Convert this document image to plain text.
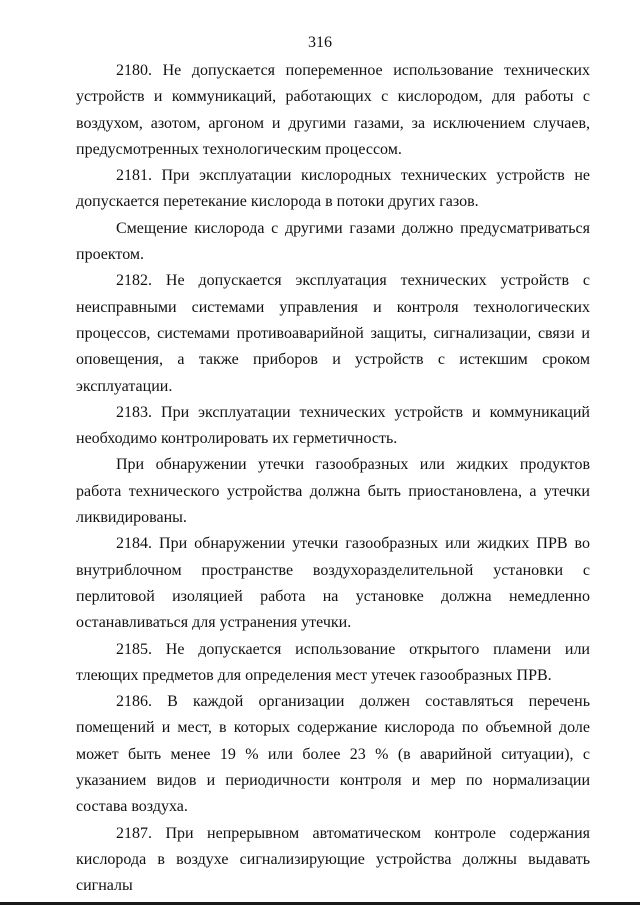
316

2180. Не допускается попеременное использование технических устройств и коммуникаций, работающих с кислородом, для работы с воздухом, азотом, аргоном и другими газами, за исключением случаев, предусмотренных технологическим процессом.

2181. При эксплуатации кислородных технических устройств не допускается перетекание кислорода в потоки других газов.

Смещение кислорода с другими газами должно предусматриваться проектом.

2182. Не допускается эксплуатация технических устройств с неисправными системами управления и контроля технологических процессов, системами противоаварийной защиты, сигнализации, связи и оповещения, а также приборов и устройств с истекшим сроком эксплуатации.

2183. При эксплуатации технических устройств и коммуникаций необходимо контролировать их герметичность.

При обнаружении утечки газообразных или жидких продуктов работа технического устройства должна быть приостановлена, а утечки ликвидированы.

2184. При обнаружении утечки газообразных или жидких ПРВ во внутриблочном пространстве воздухоразделительной установки с перлитовой изоляцией работа на установке должна немедленно останавливаться для устранения утечки.

2185. Не допускается использование открытого пламени или тлеющих предметов для определения мест утечек газообразных ПРВ.

2186. В каждой организации должен составляться перечень помещений и мест, в которых содержание кислорода по объемной доле может быть менее 19 % или более 23 % (в аварийной ситуации), с указанием видов и периодичности контроля и мер по нормализации состава воздуха.

2187. При непрерывном автоматическом контроле содержания кислорода в воздухе сигнализирующие устройства должны выдавать сигналы
